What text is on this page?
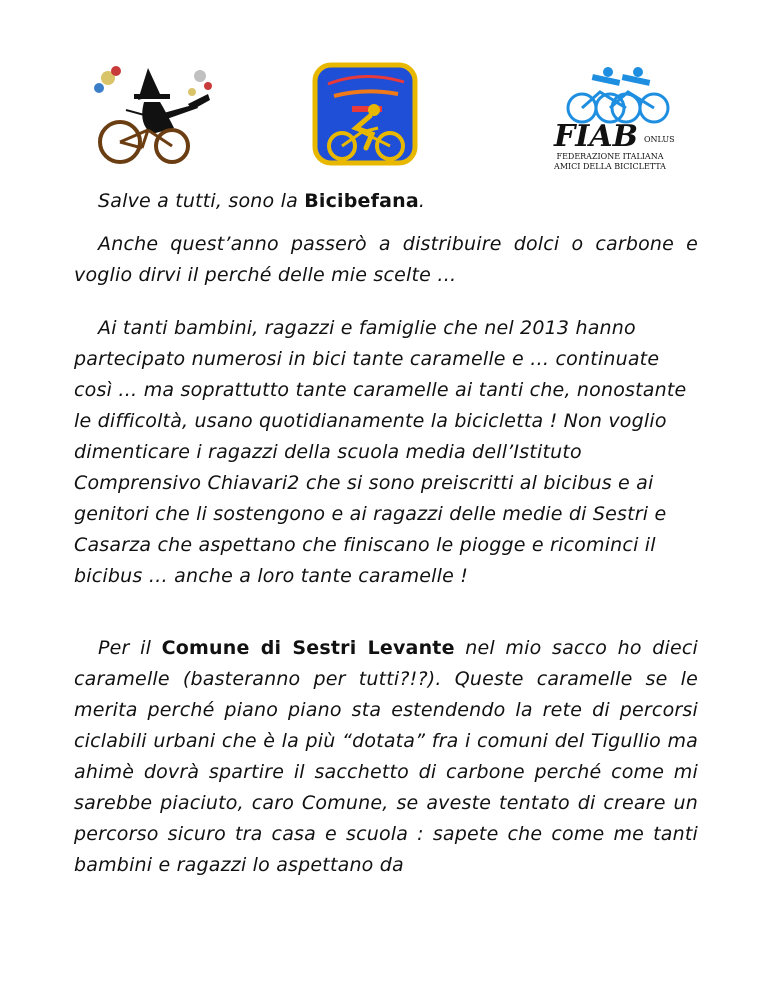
FIAB ONLUS
FEDERAZIONE ITALIANA
AMICI DELLA BICICLETTA

Salve a tutti, sono la Bicibefana.

Anche quest’anno passerò a distribuire dolci o carbone e voglio dirvi il perché delle mie scelte …

Ai tanti bambini, ragazzi e famiglie che nel 2013 hanno partecipato numerosi in bici tante caramelle e … continuate così … ma soprattutto tante caramelle ai tanti che, nonostante le difficoltà, usano quotidianamente la bicicletta ! Non voglio dimenticare i ragazzi della scuola media dell’Istituto Comprensivo Chiavari2 che si sono preiscritti al bicibus e ai genitori che li sostengono e ai ragazzi delle medie di Sestri e Casarza che aspettano che finiscano le piogge e ricominci il bicibus … anche a loro tante caramelle !

Per il Comune di Sestri Levante nel mio sacco ho dieci caramelle (basteranno per tutti?!?). Queste caramelle se le merita perché piano piano sta estendendo la rete di percorsi ciclabili urbani che è la più “dotata” fra i comuni del Tigullio ma ahimè dovrà spartire il sacchetto di carbone perché come mi sarebbe piaciuto, caro Comune, se aveste tentato di creare un percorso sicuro tra casa e scuola : sapete che come me tanti bambini e ragazzi lo aspettano da
